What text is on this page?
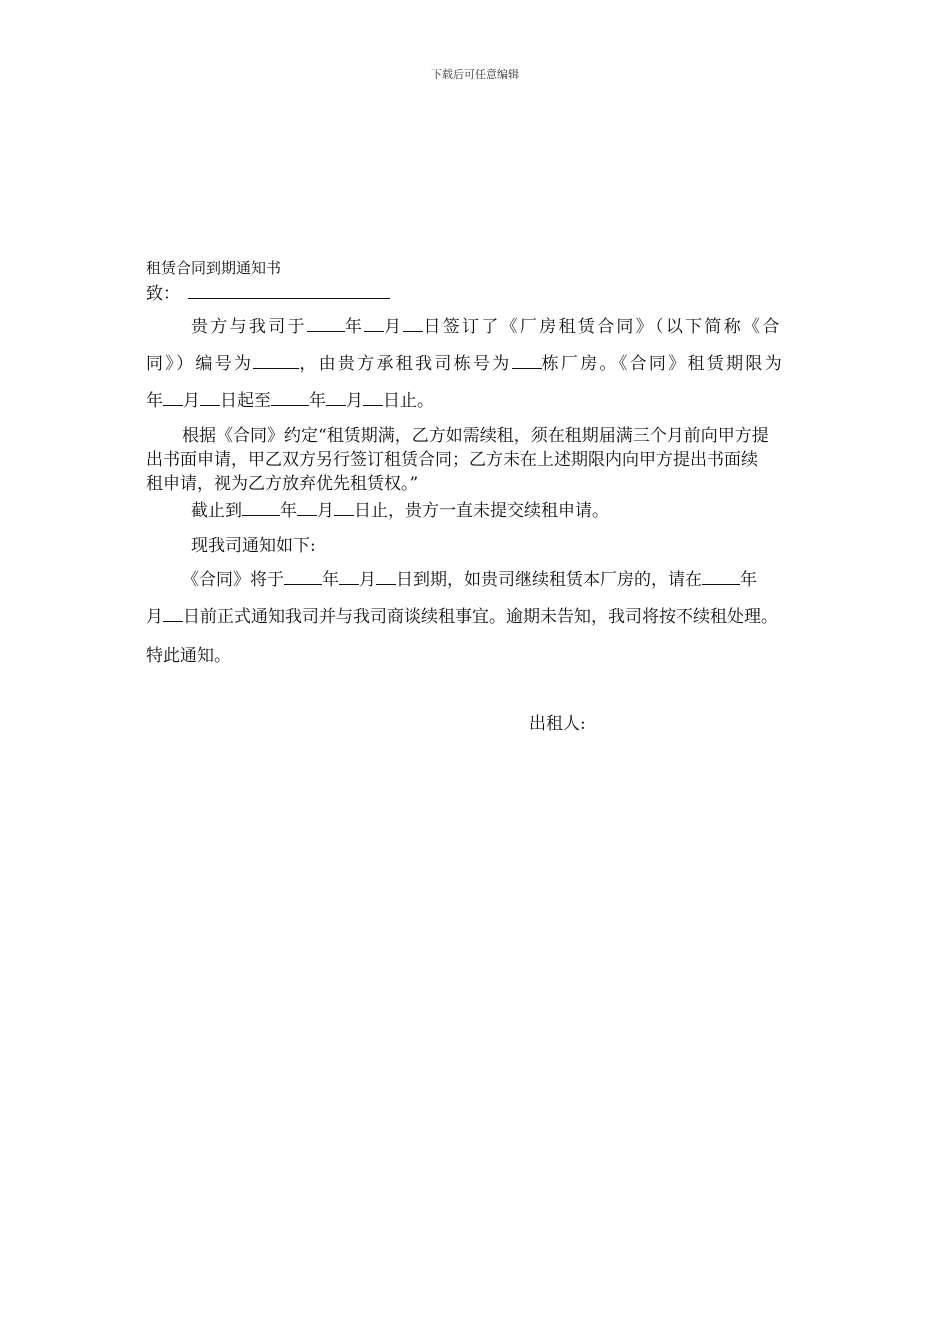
下载后可任意编辑
租赁合同到期通知书
致：
贵方与我司于 年 月 日签订了《厂房租赁合同》（以下简称《合
同》）编号为	，由贵方承租我司栋号为 栋厂房。《合同》租赁期限为
年 月 日起至 年 月 日止。
根据《合同》约定“租赁期满，乙方如需续租，须在租期届满三个月前向甲方提
出书面申请，甲乙双方另行签订租赁合同；乙方未在上述期限内向甲方提出书面续
租申请，视为乙方放弃优先租赁权。”
截止到 年 月 日止，贵方一直未提交续租申请。
现我司通知如下:
《合同》将于 年 月 日到期，如贵司继续租赁本厂房的，请在 年
月 日前正式通知我司并与我司商谈续租事宜。逾期未告知，我司将按不续租处理。
特此通知。
出租人:
